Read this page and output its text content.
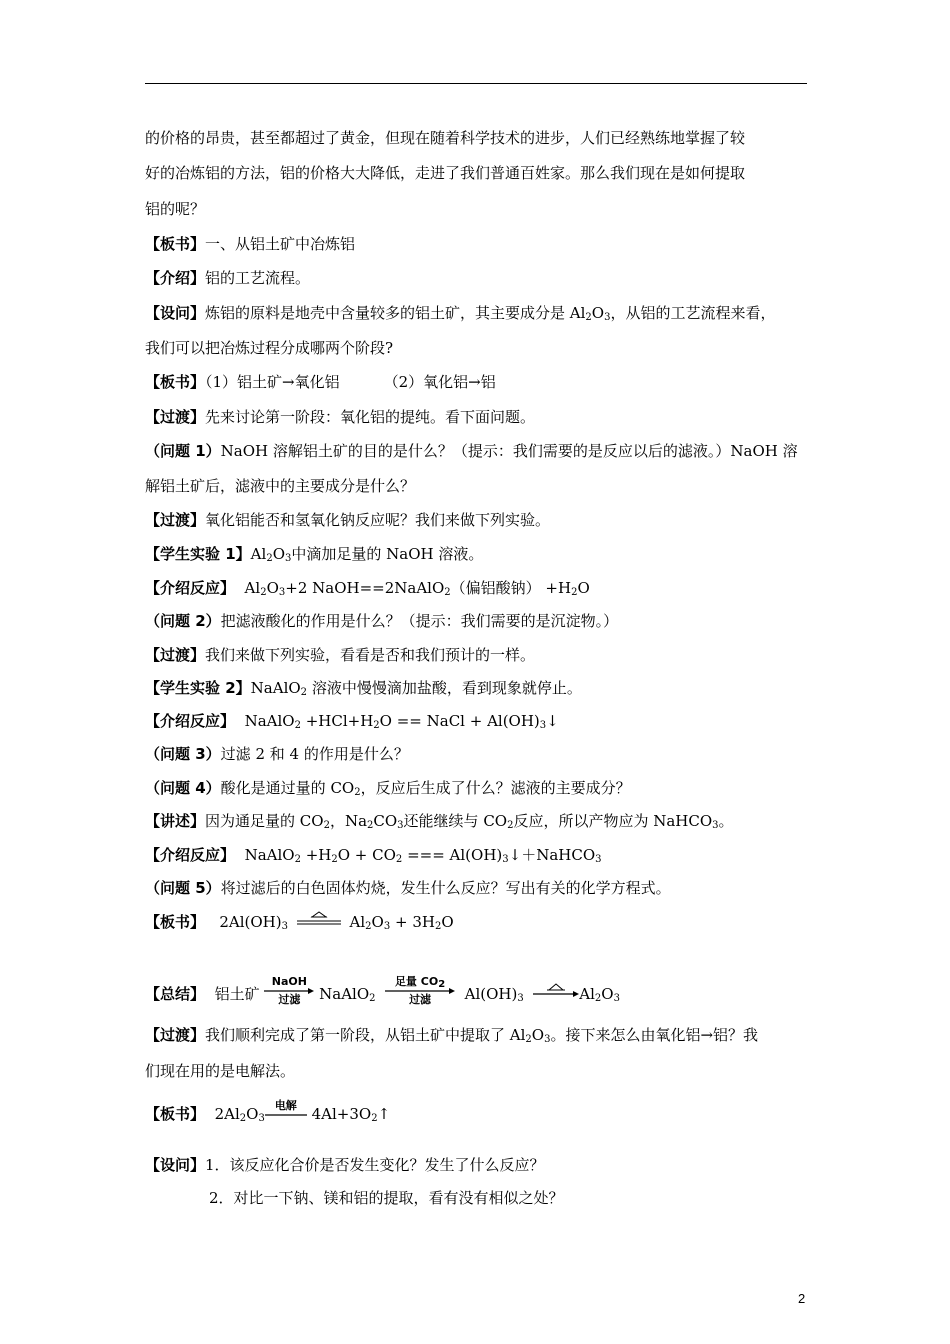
的价格的昂贵，甚至都超过了黄金，但现在随着科学技术的进步，人们已经熟练地掌握了较
好的冶炼铝的方法，铝的价格大大降低，走进了我们普通百姓家。那么我们现在是如何提取
铝的呢？
【板书】一、从铝土矿中冶炼铝
【介绍】铝的工艺流程。
【设问】炼铝的原料是地壳中含量较多的铝土矿，其主要成分是 $Al_2O_3$，从铝的工艺流程来看，
我们可以把冶炼过程分成哪两个阶段?
【板书】（1）铝土矿→氧化铝	（2）氧化铝→铝
【过渡】先来讨论第一阶段：氧化铝的提纯。看下面问题。
（问题 1）NaOH 溶解铝土矿的目的是什么？（提示：我们需要的是反应以后的滤液。）NaOH 溶
解铝土矿后，滤液中的主要成分是什么？
【过渡】氧化铝能否和氢氧化钠反应呢？我们来做下列实验。
【学生实验 1】$Al_2O_3$中滴加足量的 NaOH 溶液。
【介绍反应】  $Al_2O_3+2$ NaOH==2NaAlO$_2$（偏铝酸钠） $+H_2O$
（问题 2）把滤液酸化的作用是什么？（提示：我们需要的是沉淀物。）
【过渡】我们来做下列实验，看看是否和我们预计的一样。
【学生实验 2】NaAlO$_2$ 溶液中慢慢滴加盐酸，看到现象就停止。
【介绍反应】 NaAlO$_2$ $+HCl+H_2O$ == NaCl + $Al(OH)_3↓$
（问题 3）过滤 2 和 4 的作用是什么？
（问题 4）酸化是通过量的 $CO_2$，反应后生成了什么？滤液的主要成分？
【讲述】因为通足量的 $CO_2$，$Na_2CO_3$还能继续与 $CO_2$反应，所以产物应为 NaHCO$_3$。
【介绍反应】 NaAlO$_2$ $+H_2O + CO_2$ === $Al(OH)_3↓+NaHCO_3$
（问题 5）将过滤后的白色固体灼烧，发生什么反应？写出有关的化学方程式。
【板书】 $2Al(OH)_3$	$Al_2O_3 + 3H_2O$
【总结】 铝土矿
NaOH
过滤	NaAlO$_2$
足量 $CO_2$
过滤	$Al(OH)_3$	$Al_2O_3$
【过渡】我们顺利完成了第一阶段，从铝土矿中提取了 $Al_2O_3$。接下来怎么由氧化铝→铝？我
们现在用的是电解法。
【板书】 $2Al_2O_3$
电解 $4Al+3O_2↑$
【设问】1．该反应化合价是否发生变化？发生了什么反应？
2．对比一下钠、镁和铝的提取，看有没有相似之处？
2
